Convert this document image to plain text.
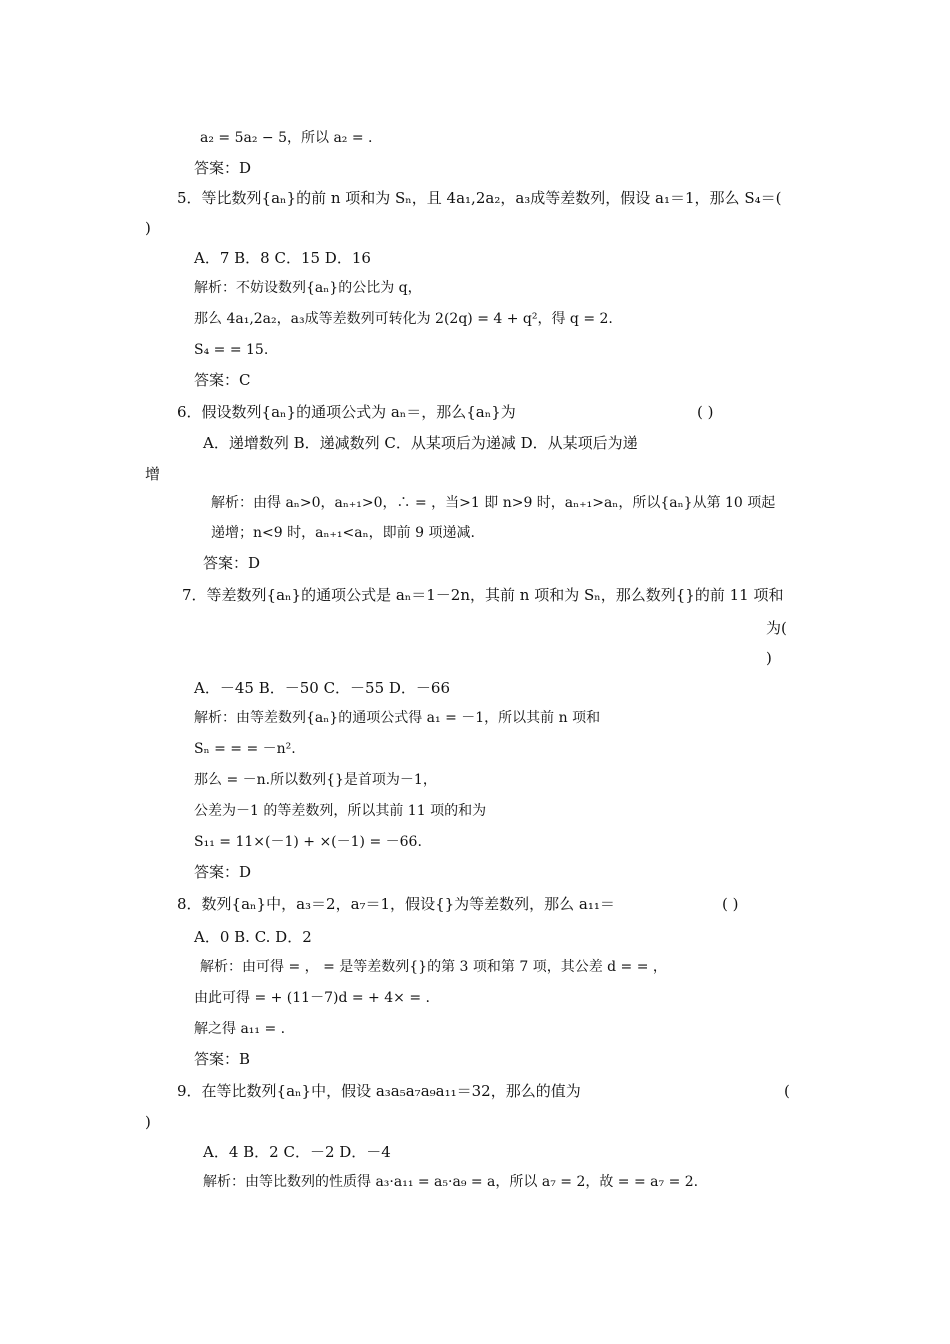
a₂ = 5a₂ − 5，所以 a₂ = .
答案：D
5．等比数列{aₙ}的前 n 项和为 Sₙ，且 4a₁,2a₂，a₃成等差数列，假设 a₁＝1，那么 S₄＝(
)
A．7 B．8 C．15 D．16
解析：不妨设数列{aₙ}的公比为 q，
那么 4a₁,2a₂，a₃成等差数列可转化为 2(2q) = 4 + q²，得 q = 2.
S₄ = = 15.
答案：C
6．假设数列{aₙ}的通项公式为 aₙ＝，那么{aₙ}为	( )
A．递增数列 B．递减数列 C．从某项后为递减 D．从某项后为递
增
解析：由得 aₙ>0，aₙ₊₁>0，∴ = ，当>1 即 n>9 时，aₙ₊₁>aₙ，所以{aₙ}从第 10 项起
递增；n<9 时，aₙ₊₁<aₙ，即前 9 项递减.
答案：D
7．等差数列{aₙ}的通项公式是 aₙ＝1－2n，其前 n 项和为 Sₙ，那么数列{}的前 11 项和
为(
)
A．－45 B．－50 C．－55 D．－66
解析：由等差数列{aₙ}的通项公式得 a₁ = －1，所以其前 n 项和
Sₙ = = = －n².
那么 = －n.所以数列{}是首项为－1，
公差为－1 的等差数列，所以其前 11 项的和为
S₁₁ = 11×(－1) + ×(－1) = －66.
答案：D
8．数列{aₙ}中，a₃＝2，a₇＝1，假设{}为等差数列，那么 a₁₁＝	( )
A．0 B. C. D．2
解析：由可得 = ， = 是等差数列{}的第 3 项和第 7 项，其公差 d = = ，
由此可得 = + (11－7)d = + 4× = .
解之得 a₁₁ = .
答案：B
9．在等比数列{aₙ}中，假设 a₃a₅a₇a₉a₁₁＝32，那么的值为	(
)
A．4 B．2 C．－2 D．－4
解析：由等比数列的性质得 a₃·a₁₁ = a₅·a₉ = a，所以 a₇ = 2，故 = = a₇ = 2.
